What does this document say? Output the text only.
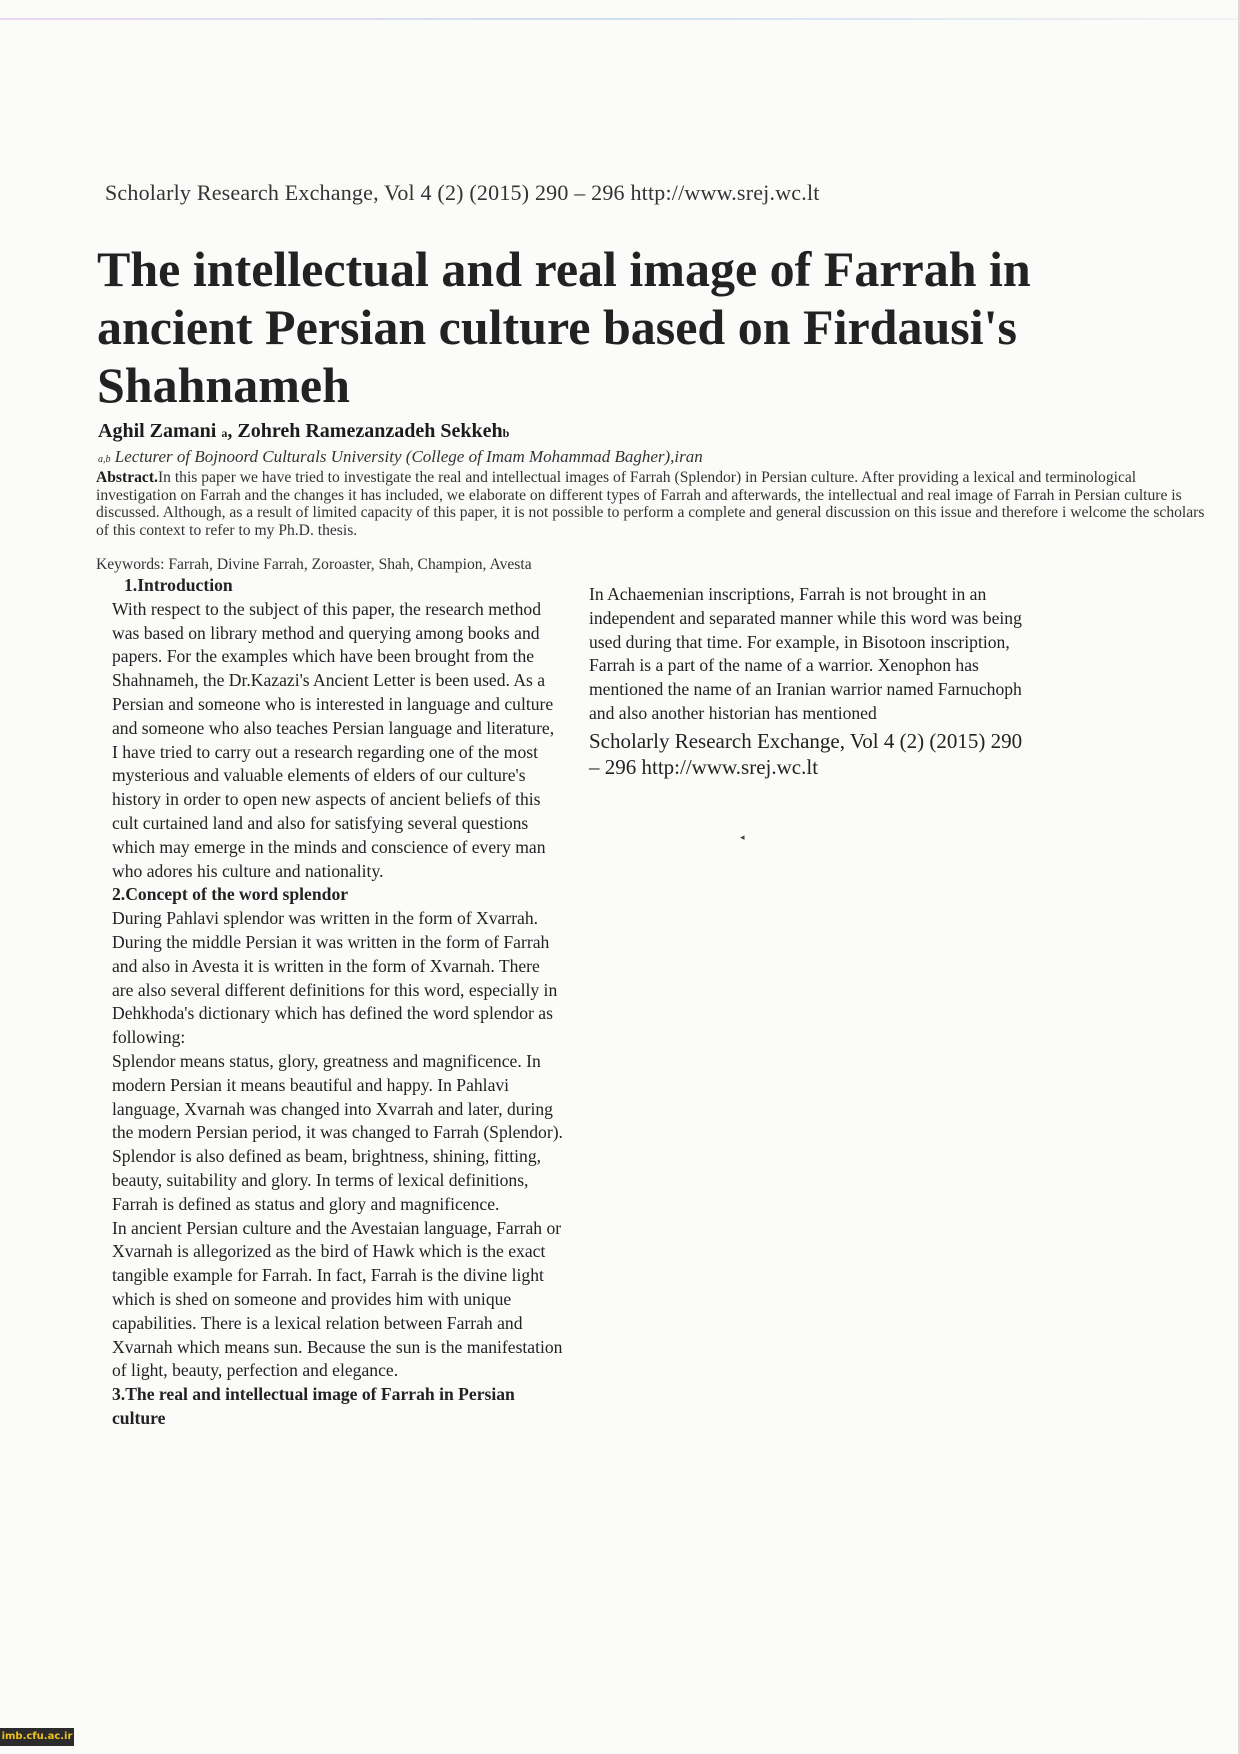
Scholarly Research Exchange, Vol 4 (2) (2015) 290 – 296 http://www.srej.wc.lt
The intellectual and real image of Farrah in ancient Persian culture based on Firdausi's Shahnameh
Aghil Zamani a, Zohreh Ramezanzadeh Sekkehb
a,b Lecturer of Bojnoord Culturals University (College of Imam Mohammad Bagher),iran

Abstract.In this paper we have tried to investigate the real and intellectual images of Farrah (Splendor) in Persian culture. After providing a lexical and terminological investigation on Farrah and the changes it has included, we elaborate on different types of Farrah and afterwards, the intellectual and real image of Farrah in Persian culture is discussed. Although, as a result of limited capacity of this paper, it is not possible to perform a complete and general discussion on this issue and therefore i welcome the scholars of this context to refer to my Ph.D. thesis.

Keywords: Farrah, Divine Farrah, Zoroaster, Shah, Champion, Avesta

1.Introduction

With respect to the subject of this paper, the research method was based on library method and querying among books and papers. For the examples which have been brought from the Shahnameh, the Dr.Kazazi's Ancient Letter is been used. As a Persian and someone who is interested in language and culture and someone who also teaches Persian language and literature, I have tried to carry out a research regarding one of the most mysterious and valuable elements of elders of our culture's history in order to open new aspects of ancient beliefs of this cult curtained land and also for satisfying several questions which may emerge in the minds and conscience of every man who adores his culture and nationality.

2.Concept of the word splendor

During Pahlavi splendor was written in the form of Xvarrah. During the middle Persian it was written in the form of Farrah and also in Avesta it is written in the form of Xvarnah. There are also several different definitions for this word, especially in Dehkhoda's dictionary which has defined the word splendor as following:

Splendor means status, glory, greatness and magnificence. In modern Persian it means beautiful and happy. In Pahlavi language, Xvarnah was changed into Xvarrah and later, during the modern Persian period, it was changed to Farrah (Splendor). Splendor is also defined as beam, brightness, shining, fitting, beauty, suitability and glory. In terms of lexical definitions, Farrah is defined as status and glory and magnificence.

In ancient Persian culture and the Avestaian language, Farrah or Xvarnah is allegorized as the bird of Hawk which is the exact tangible example for Farrah. In fact, Farrah is the divine light which is shed on someone and provides him with unique capabilities. There is a lexical relation between Farrah and Xvarnah which means sun. Because the sun is the manifestation of light, beauty, perfection and elegance.

3.The real and intellectual image of Farrah in Persian culture

In Achaemenian inscriptions, Farrah is not brought in an independent and separated manner while this word was being used during that time. For example, in Bisotoon inscription, Farrah is a part of the name of a warrior. Xenophon has mentioned the name of an Iranian warrior named Farnuchoph and also another historian has mentioned

Scholarly Research Exchange, Vol 4 (2) (2015) 290 – 296 http://www.srej.wc.lt

◂
imb.cfu.ac.ir
